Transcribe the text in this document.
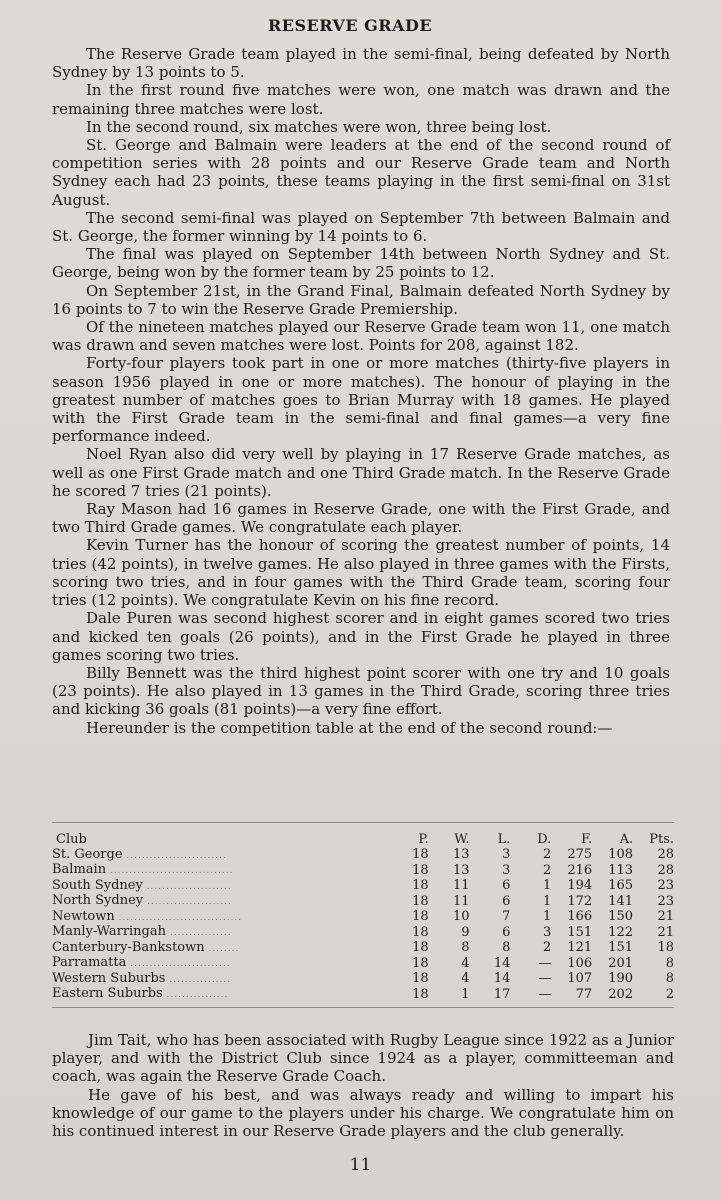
RESERVE GRADE

The Reserve Grade team played in the semi-final, being defeated by North Sydney by 13 points to 5.

In the first round five matches were won, one match was drawn and the remaining three matches were lost.

In the second round, six matches were won, three being lost.

St. George and Balmain were leaders at the end of the second round of competition series with 28 points and our Reserve Grade team and North Sydney each had 23 points, these teams playing in the first semi-final on 31st August.

The second semi-final was played on September 7th between Balmain and St. George, the former winning by 14 points to 6.

The final was played on September 14th between North Sydney and St. George, being won by the former team by 25 points to 12.

On September 21st, in the Grand Final, Balmain defeated North Sydney by 16 points to 7 to win the Reserve Grade Premiership.

Of the nineteen matches played our Reserve Grade team won 11, one match was drawn and seven matches were lost. Points for 208, against 182.

Forty-four players took part in one or more matches (thirty-five players in season 1956 played in one or more matches). The honour of playing in the greatest number of matches goes to Brian Murray with 18 games. He played with the First Grade team in the semi-final and final games—a very fine performance indeed.

Noel Ryan also did very well by playing in 17 Reserve Grade matches, as well as one First Grade match and one Third Grade match. In the Reserve Grade he scored 7 tries (21 points).

Ray Mason had 16 games in Reserve Grade, one with the First Grade, and two Third Grade games. We congratulate each player.

Kevin Turner has the honour of scoring the greatest number of points, 14 tries (42 points), in twelve games. He also played in three games with the Firsts, scoring two tries, and in four games with the Third Grade team, scoring four tries (12 points). We congratulate Kevin on his fine record.

Dale Puren was second highest scorer and in eight games scored two tries and kicked ten goals (26 points), and in the First Grade he played in three games scoring two tries.

Billy Bennett was the third highest point scorer with one try and 10 goals (23 points). He also played in 13 games in the Third Grade, scoring three tries and kicking 36 goals (81 points)—a very fine effort.

Hereunder is the competition table at the end of the second round:—

Club	P.	W.	L.	D.	F.	A.	Pts.
St. George ..........................	18	13	3	2	275	108	28
Balmain ................................	18	13	3	2	216	113	28
South Sydney ......................	18	11	6	1	194	165	23
North Sydney ......................	18	11	6	1	172	141	23
Newtown ................................	18	10	7	1	166	150	21
Manly-Warringah ................	18	9	6	3	151	122	21
Canterbury-Bankstown ........	18	8	8	2	121	151	18
Parramatta ..........................	18	4	14	—	106	201	8
Western Suburbs ................	18	4	14	—	107	190	8
Eastern Suburbs ................	18	1	17	—	77	202	2

Jim Tait, who has been associated with Rugby League since 1922 as a Junior player, and with the District Club since 1924 as a player, committeeman and coach, was again the Reserve Grade Coach.

He gave of his best, and was always ready and willing to impart his knowledge of our game to the players under his charge. We congratulate him on his continued interest in our Reserve Grade players and the club generally.

11
